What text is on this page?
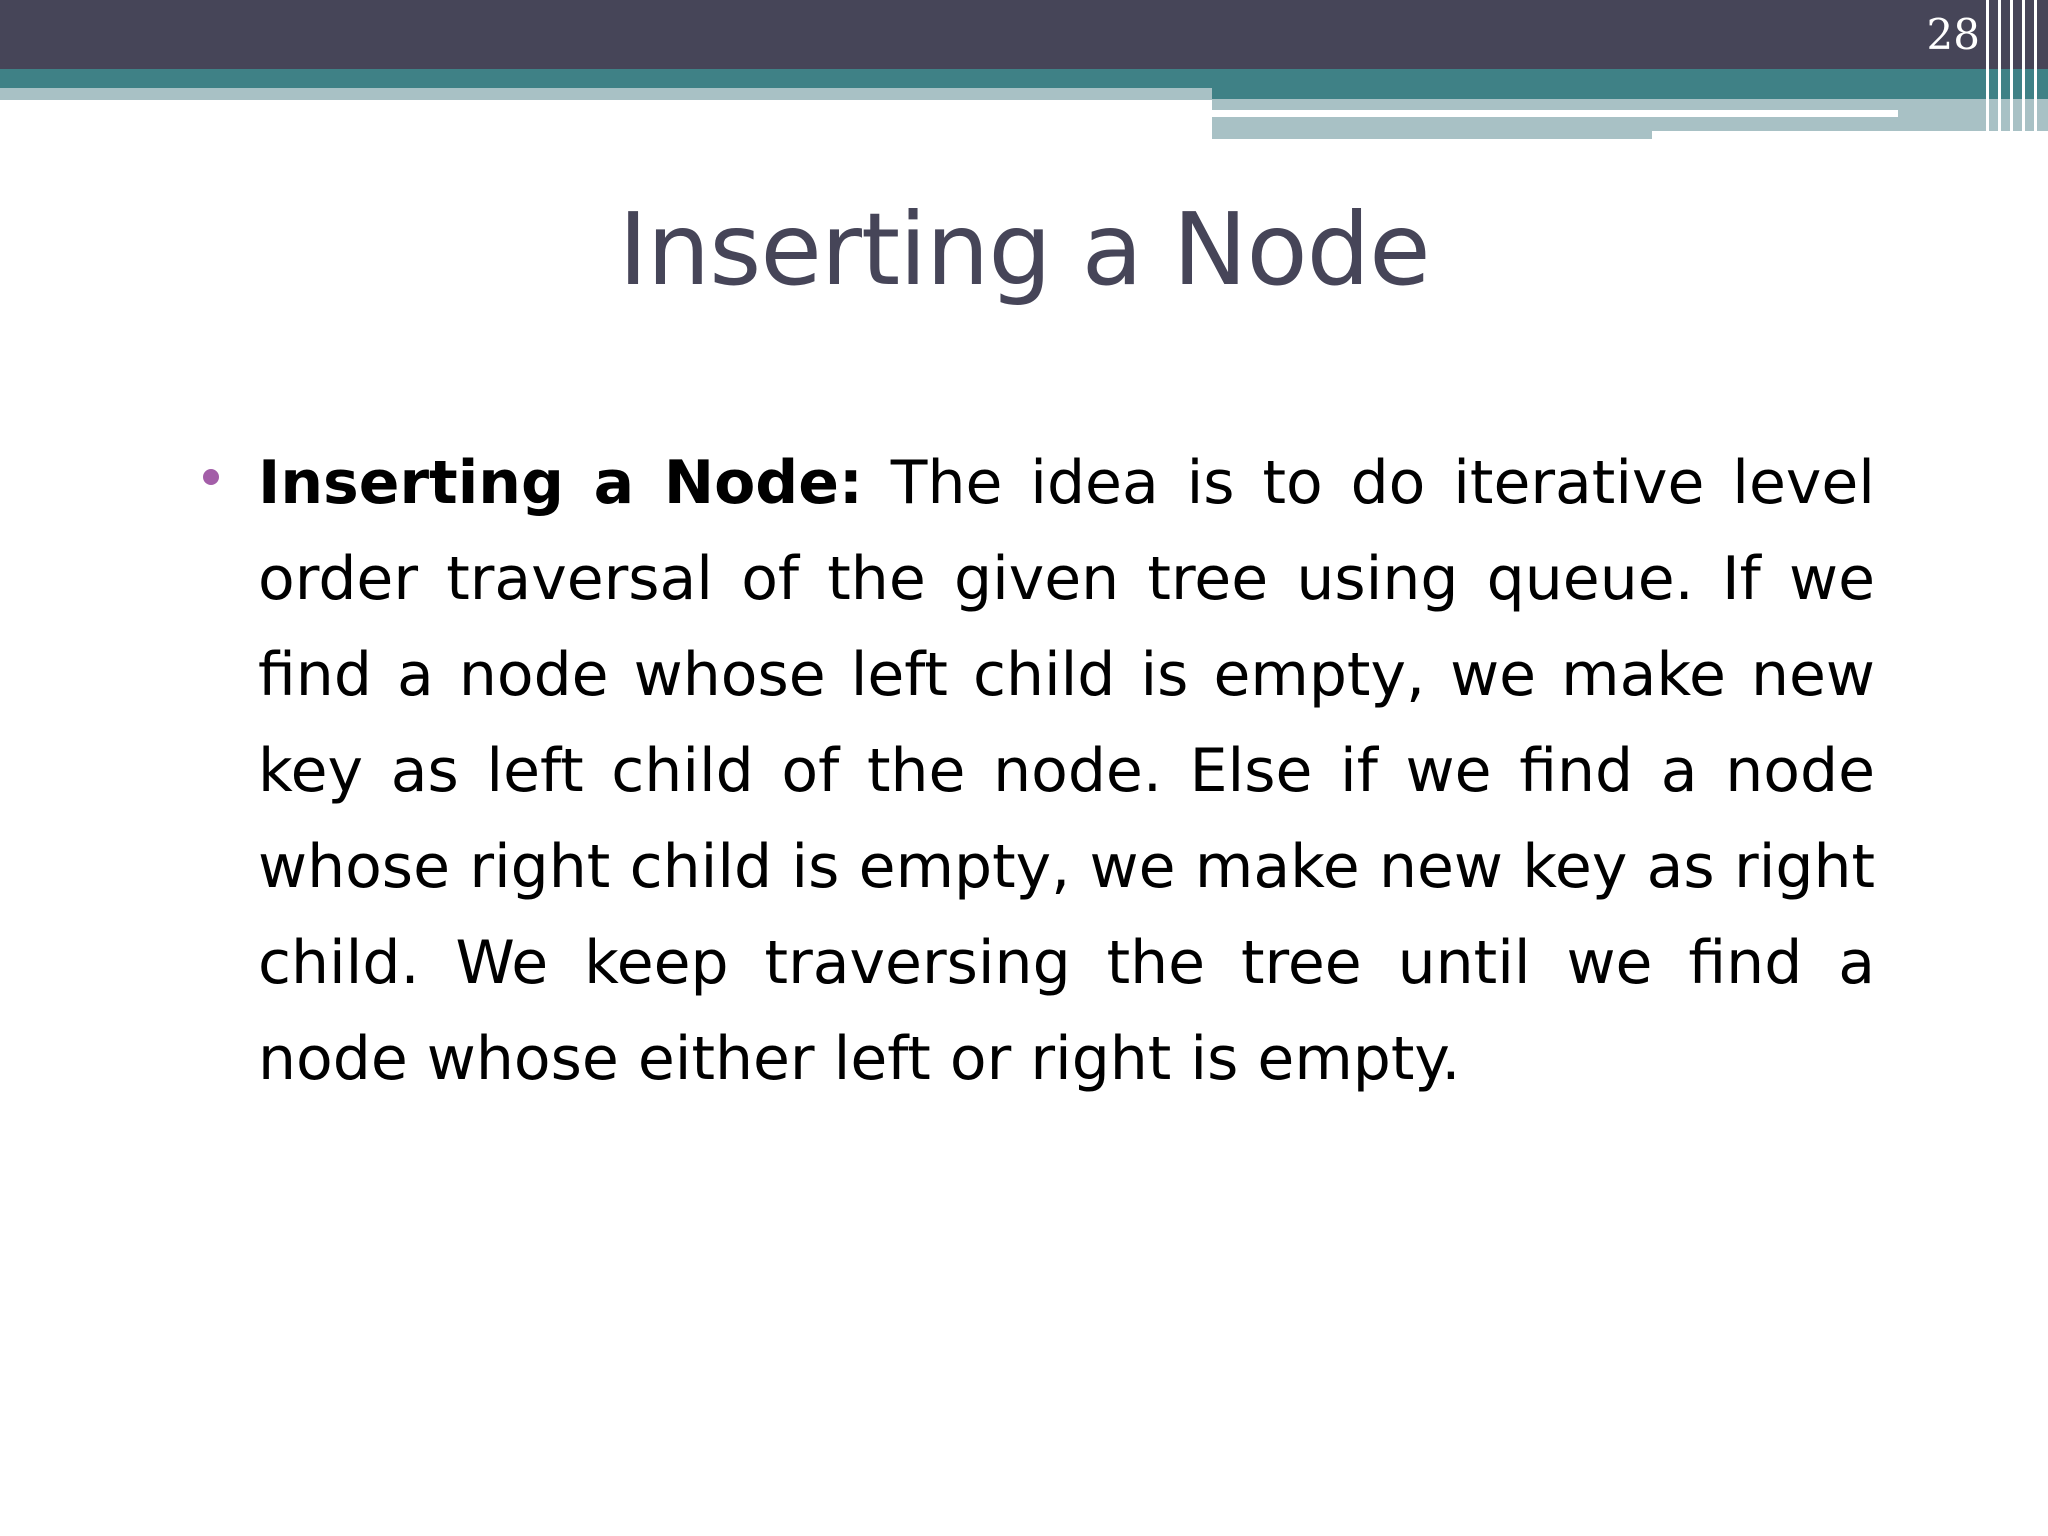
28
Inserting a Node
Inserting a Node: The idea is to do iterative level order traversal of the given tree using queue. If we find a node whose left child is empty, we make new key as left child of the node. Else if we find a node whose right child is empty, we make new key as right child. We keep traversing the tree until we find a node whose either left or right is empty.
